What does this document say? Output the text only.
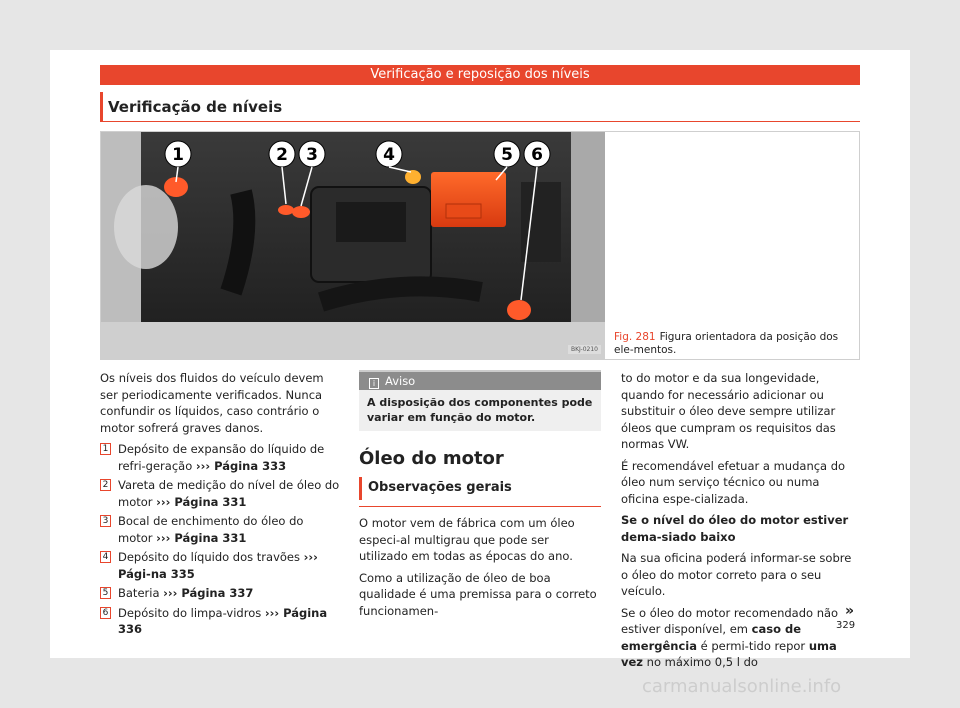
Verificação e reposição dos níveis
Verificação de níveis
1	2 3	4	5 6
BKJ-0210
Fig. 281 Figura orientadora da posição dos ele-mentos.

Os níveis dos fluidos do veículo devem ser periodicamente verificados. Nunca confundir os líquidos, caso contrário o motor sofrerá graves danos.

1 Depósito de expansão do líquido de refri-geração ››› Página 333
2 Vareta de medição do nível de óleo do motor ››› Página 331
3 Bocal de enchimento do óleo do motor ››› Página 331
4 Depósito do líquido dos travões ››› Pági-na 335
5 Bateria ››› Página 337
6 Depósito do limpa-vidros ››› Página 336
i Aviso
A disposição dos componentes pode variar em função do motor.
Óleo do motor
Observações gerais

O motor vem de fábrica com um óleo especi-al multigrau que pode ser utilizado em todas as épocas do ano.

Como a utilização de óleo de boa qualidade é uma premissa para o correto funcionamen-

to do motor e da sua longevidade, quando for necessário adicionar ou substituir o óleo deve sempre utilizar óleos que cumpram os requisitos das normas VW.

É recomendável efetuar a mudança do óleo num serviço técnico ou numa oficina espe-cializada.

Se o nível do óleo do motor estiver dema-siado baixo

Na sua oficina poderá informar-se sobre o óleo do motor correto para o seu veículo.

Se o óleo do motor recomendado não estiver disponível, em caso de emergência é permi-tido repor uma vez no máximo 0,5 l do

»
329
carmanualsonline.info
